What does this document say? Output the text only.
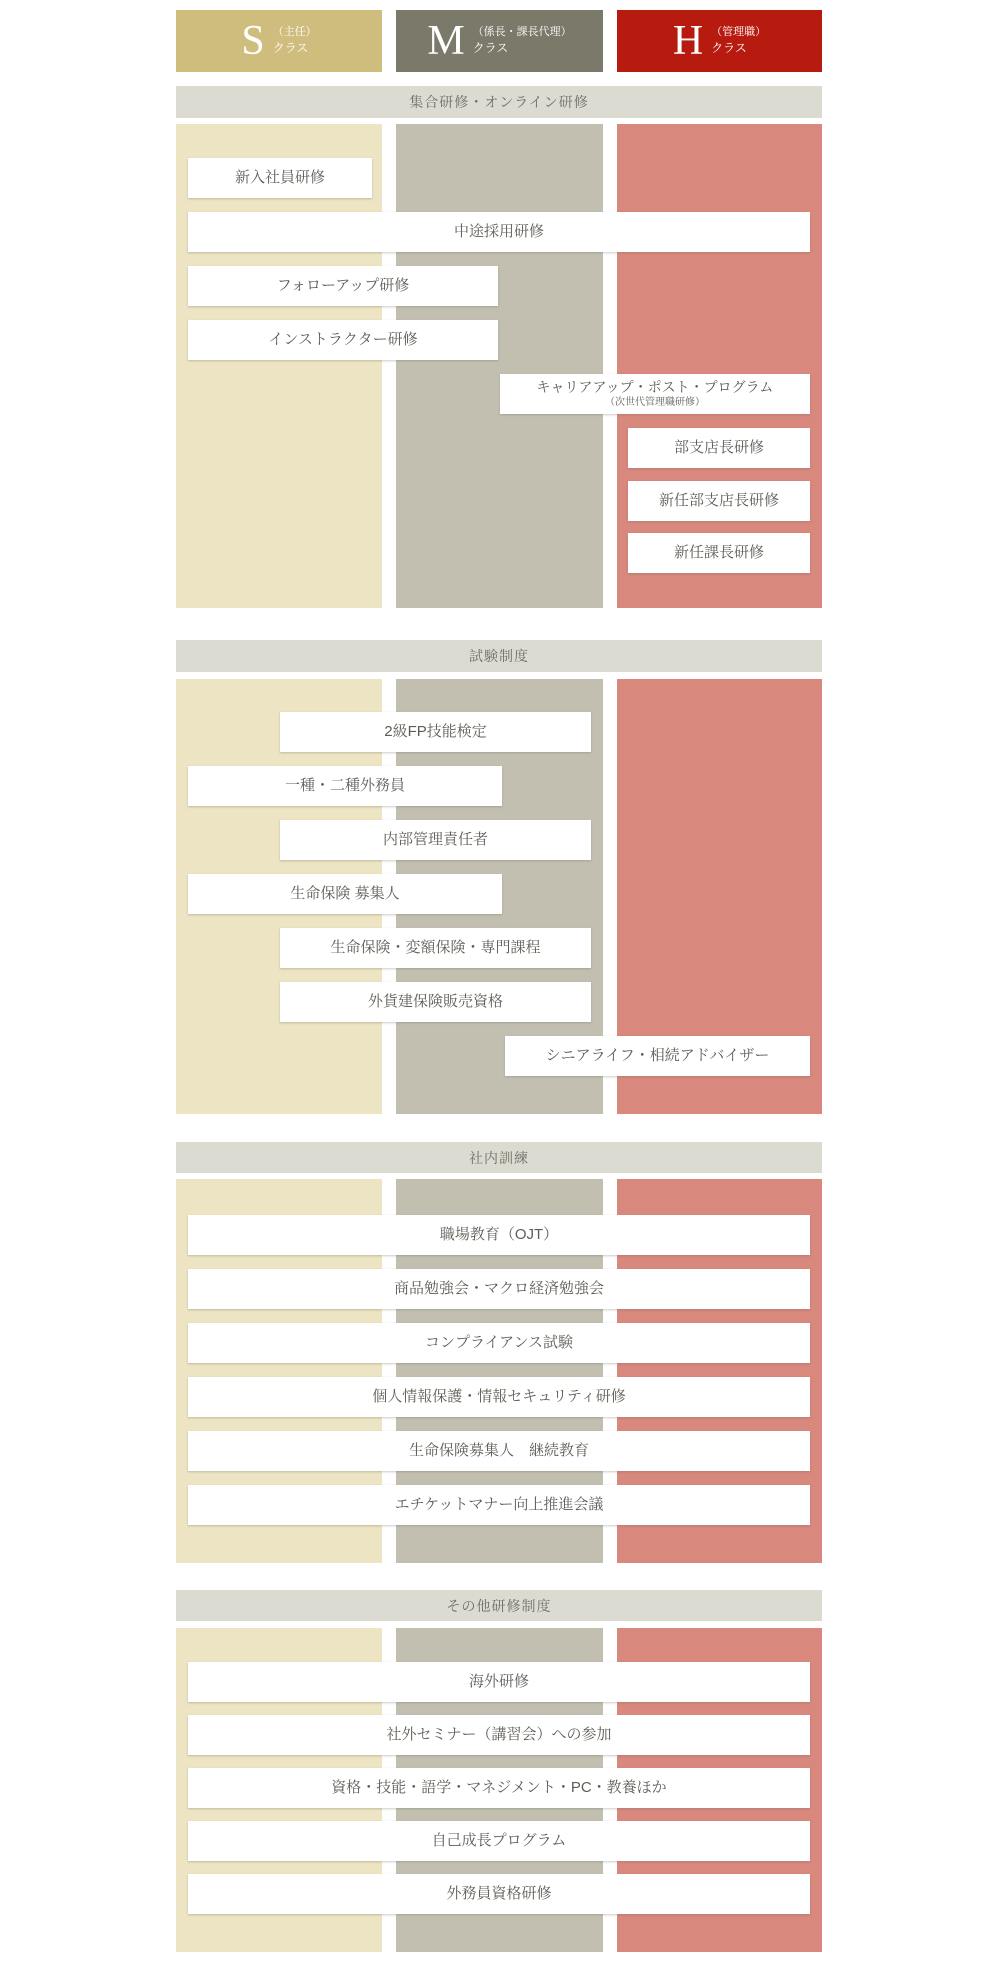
S （主任）
クラス	M （係長・課長代理）
クラス	H （管理職）
クラス
集合研修・オンライン研修
新入社員研修
中途採用研修
フォローアップ研修
インストラクター研修
キャリアアップ・ポスト・プログラム
（次世代管理職研修）
部支店長研修
新任部支店長研修
新任課長研修
試験制度
2級FP技能検定
一種・二種外務員
内部管理責任者
生命保険 募集人
生命保険・変額保険・専門課程
外貨建保険販売資格
シニアライフ・相続アドバイザー
社内訓練
職場教育（OJT）
商品勉強会・マクロ経済勉強会
コンプライアンス試験
個人情報保護・情報セキュリティ研修
生命保険募集人　継続教育
エチケットマナー向上推進会議
その他研修制度
海外研修
社外セミナー（講習会）への参加
資格・技能・語学・マネジメント・PC・教養ほか
自己成長プログラム
外務員資格研修
